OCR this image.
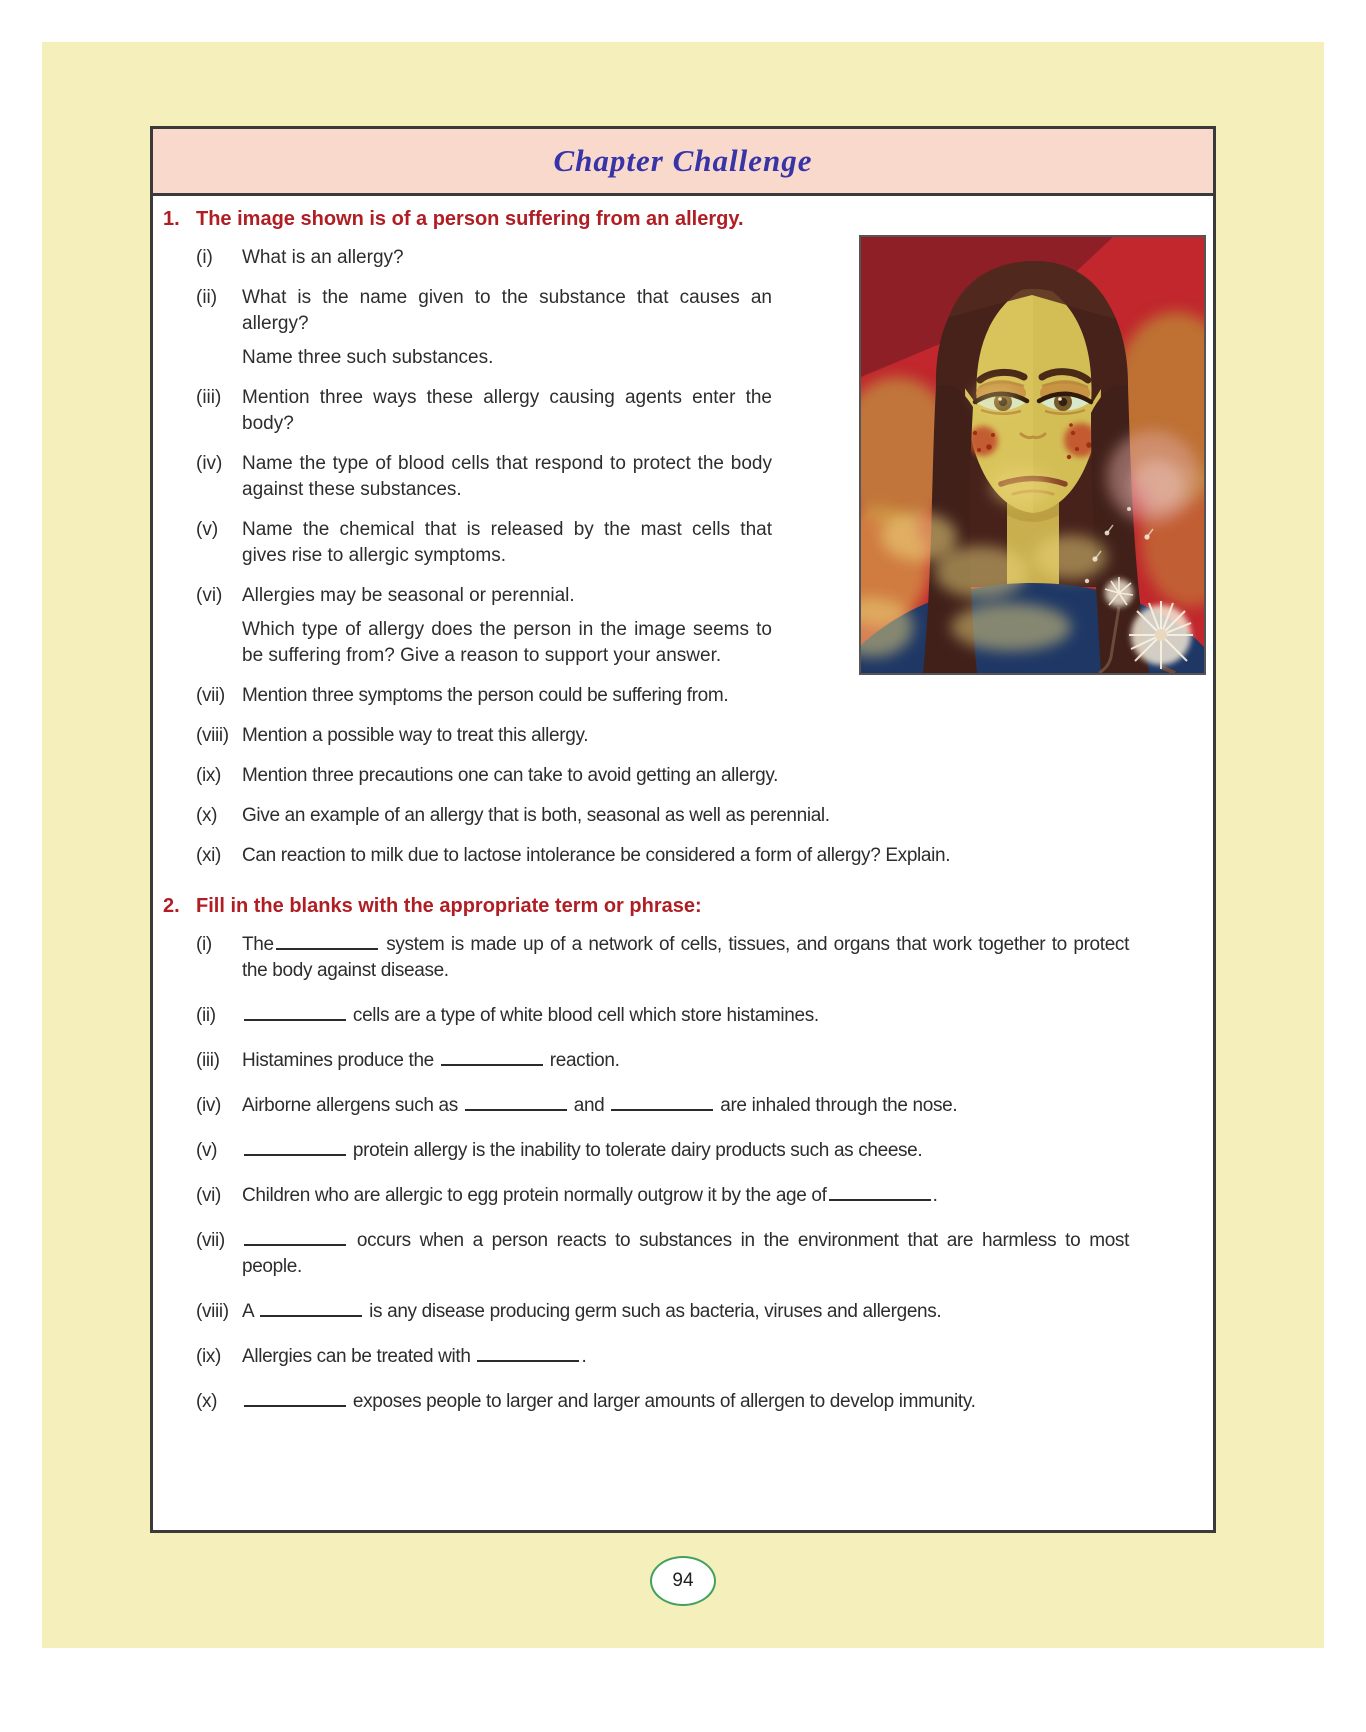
Chapter Challenge
1. The image shown is of a person suffering from an allergy.
(i)	What is an allergy?
(ii)	What is the name given to the substance that causes an allergy?
Name three such substances.
(iii)	Mention three ways these allergy causing agents enter the body?
(iv)	Name the type of blood cells that respond to protect the body against these substances.
(v)	Name the chemical that is released by the mast cells that gives rise to allergic symptoms.
(vi)	Allergies may be seasonal or perennial.
Which type of allergy does the person in the image seems to be suffering from? Give a reason to support your answer.
(vii) Mention three symptoms the person could be suffering from.
(viii) Mention a possible way to treat this allergy.
(ix)	Mention three precautions one can take to avoid getting an allergy.
(x)	Give an example of an allergy that is both, seasonal as well as perennial.
(xi)	Can reaction to milk due to lactose intolerance be considered a form of allergy? Explain.
2. Fill in the blanks with the appropriate term or phrase:
(i)	The	system is made up of a network of cells, tissues, and organs that work together to protect the body against disease.
(ii)	cells are a type of white blood cell which store histamines.
(iii)	Histamines produce the	reaction.
(iv)	Airborne allergens such as	and	are inhaled through the nose.
(v)	protein allergy is the inability to tolerate dairy products such as cheese.
(vi)	Children who are allergic to egg protein normally outgrow it by the age of	.
(vii)	occurs when a person reacts to substances in the environment that are harmless to most people.
(viii) A	is any disease producing germ such as bacteria, viruses and allergens.
(ix)	Allergies can be treated with	.
(x)	exposes people to larger and larger amounts of allergen to develop immunity.
94
